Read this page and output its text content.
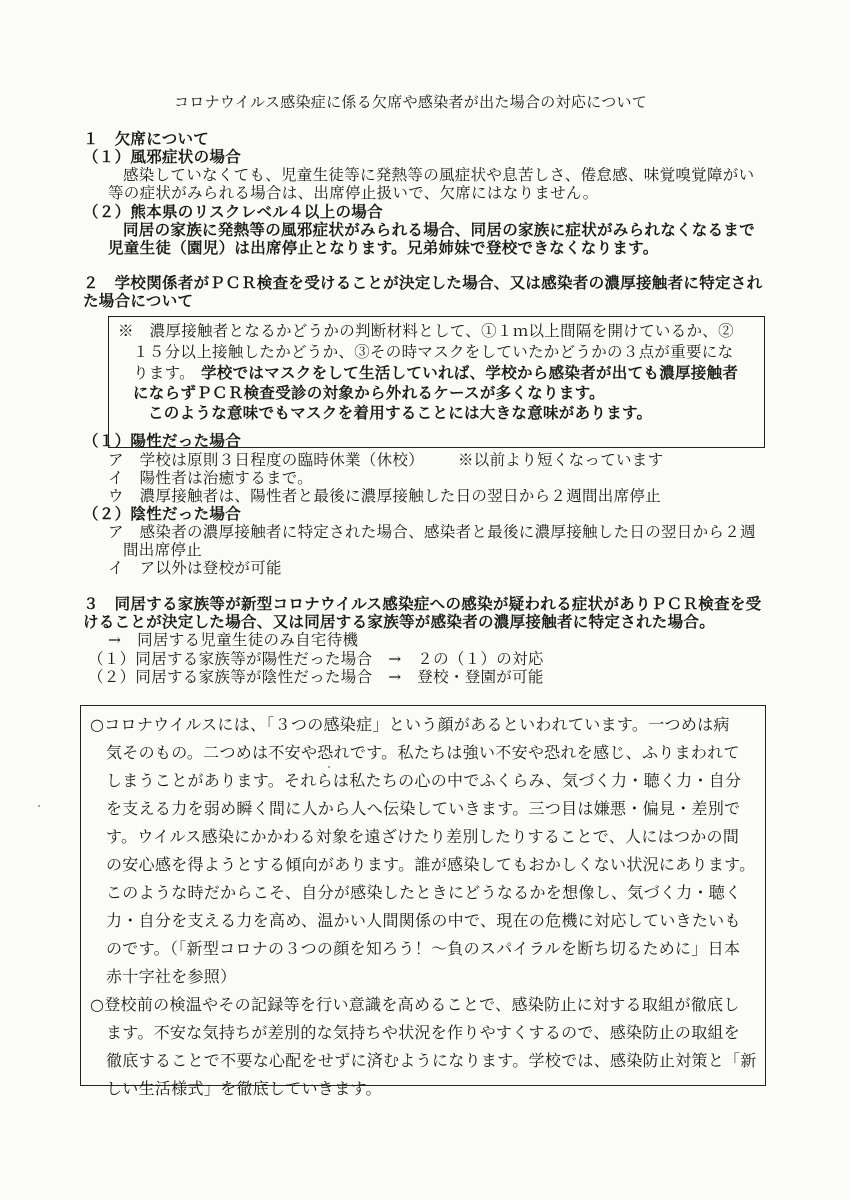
コロナウイルス感染症に係る欠席や感染者が出た場合の対応について
１　欠席について
（１）風邪症状の場合
感染していなくても、児童生徒等に発熱等の風症状や息苦しさ、倦怠感、味覚嗅覚障がい
等の症状がみられる場合は、出席停止扱いで、欠席にはなりません。
（２）熊本県のリスクレベル４以上の場合
同居の家族に発熱等の風邪症状がみられる場合、同居の家族に症状がみられなくなるまで
児童生徒（園児）は出席停止となります。兄弟姉妹で登校できなくなります。
２　学校関係者がＰＣＲ検査を受けることが決定した場合、又は感染者の濃厚接触者に特定され
た場合について
※　濃厚接触者となるかどうかの判断材料として、①１ｍ以上間隔を開けているか、②
１５分以上接触したかどうか、③その時マスクをしていたかどうかの３点が重要にな
ります。 学校ではマスクをして生活していれば、学校から感染者が出ても濃厚接触者
にならずＰＣＲ検査受診の対象から外れるケースが多くなります。
このような意味でもマスクを着用することには大きな意味があります。
（１）陽性だった場合
ア　学校は原則３日程度の臨時休業（休校） ※以前より短くなっています
イ　陽性者は治癒するまで。
ウ　濃厚接触者は、陽性者と最後に濃厚接触した日の翌日から２週間出席停止
（２）陰性だった場合
ア　感染者の濃厚接触者に特定された場合、感染者と最後に濃厚接触した日の翌日から２週
間出席停止
イ　ア以外は登校が可能
３　同居する家族等が新型コロナウイルス感染症への感染が疑われる症状がありＰＣＲ検査を受
けることが決定した場合、又は同居する家族等が感染者の濃厚接触者に特定された場合。
→　同居する児童生徒のみ自宅待機
（１）同居する家族等が陽性だった場合　→　２の（１）の対応
（２）同居する家族等が陰性だった場合　→　登校・登園が可能
○コロナウイルスには、「３つの感染症」という顔があるといわれています。一つめは病
気そのもの。二つめは不安や恐れです。私たちは強い不安や恐れを感じ、ふりまわれて
しまうことがあります。それらは私たちの心の中でふくらみ、気づく力・聴く力・自分
を支える力を弱め瞬く間に人から人へ伝染していきます。三つ目は嫌悪・偏見・差別で
す。ウイルス感染にかかわる対象を遠ざけたり差別したりすることで、人にはつかの間
の安心感を得ようとする傾向があります。誰が感染してもおかしくない状況にあります。
このような時だからこそ、自分が感染したときにどうなるかを想像し、気づく力・聴く
力・自分を支える力を高め、温かい人間関係の中で、現在の危機に対応していきたいも
のです。（「新型コロナの３つの顔を知ろう！～負のスパイラルを断ち切るために」日本
赤十字社を参照）
○登校前の検温やその記録等を行い意識を高めることで、感染防止に対する取組が徹底し
ます。不安な気持ちが差別的な気持ちや状況を作りやすくするので、感染防止の取組を
徹底することで不要な心配をせずに済むようになります。学校では、感染防止対策と「新
しい生活様式」を徹底していきます。
